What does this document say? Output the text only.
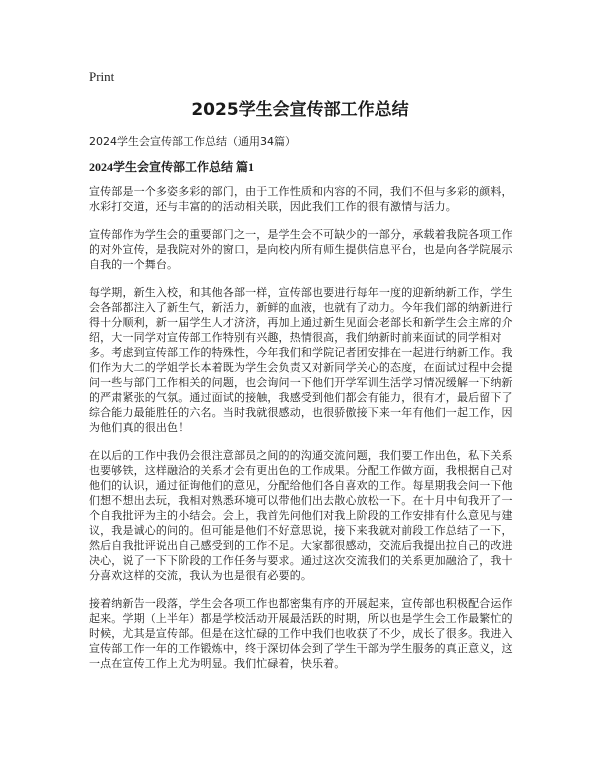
Print
2025学生会宣传部工作总结
2024学生会宣传部工作总结（通用34篇）
2024学生会宣传部工作总结 篇1

宣传部是一个多姿多彩的部门，由于工作性质和内容的不同，我们不但与多彩的颜料，水彩打交道，还与丰富的的活动相关联，因此我们工作的很有激情与活力。

宣传部作为学生会的重要部门之一，是学生会不可缺少的一部分，承载着我院各项工作的对外宣传，是我院对外的窗口，是向校内所有师生提供信息平台，也是向各学院展示自我的一个舞台。

每学期，新生入校，和其他各部一样，宣传部也要进行每年一度的迎新纳新工作，学生会各部都注入了新生气，新活力，新鲜的血液，也就有了动力。今年我们部的纳新进行得十分顺利，新一届学生人才济济，再加上通过新生见面会老部长和新学生会主席的介绍，大一同学对宣传部工作特别有兴趣，热情很高，我们纳新时前来面试的同学相对多。考虑到宣传部工作的特殊性，今年我们和学院记者团安排在一起进行纳新工作。我们作为大二的学姐学长本着既为学生会负责又对新同学关心的态度，在面试过程中会提问一些与部门工作相关的问题，也会询问一下他们开学军训生活学习情况缓解一下纳新的严肃紧张的气氛。通过面试的接触，我感受到他们都会有能力，很有才，最后留下了综合能力最能胜任的六名。当时我就很感动，也很骄傲接下来一年有他们一起工作，因为他们真的很出色！

在以后的工作中我仍会很注意部员之间的的沟通交流问题，我们要工作出色，私下关系也要够铁，这样融洽的关系才会有更出色的工作成果。分配工作做方面，我根据自己对他们的认识，通过征询他们的意见，分配给他们各自喜欢的工作。每星期我会问一下他们想不想出去玩，我相对熟悉环境可以带他们出去散心放松一下。在十月中旬我开了一个自我批评为主的小结会。会上，我首先问他们对我上阶段的工作安排有什么意见与建议，我是诚心的问的。但可能是他们不好意思说，接下来我就对前段工作总结了一下，然后自我批评说出自己感受到的工作不足。大家都很感动，交流后我提出拉自己的改进决心，说了一下下阶段的工作任务与要求。通过这次交流我们的关系更加融洽了，我十分喜欢这样的交流，我认为也是很有必要的。

接着纳新告一段落，学生会各项工作也都密集有序的开展起来，宣传部也积极配合运作起来。学期（上半年）都是学校活动开展最活跃的时期，所以也是学生会工作最繁忙的时候，尤其是宣传部。但是在这忙碌的工作中我们也收获了不少，成长了很多。我进入宣传部工作一年的工作锻炼中，终于深切体会到了学生干部为学生服务的真正意义，这一点在宣传工作上尤为明显。我们忙碌着，快乐着。
